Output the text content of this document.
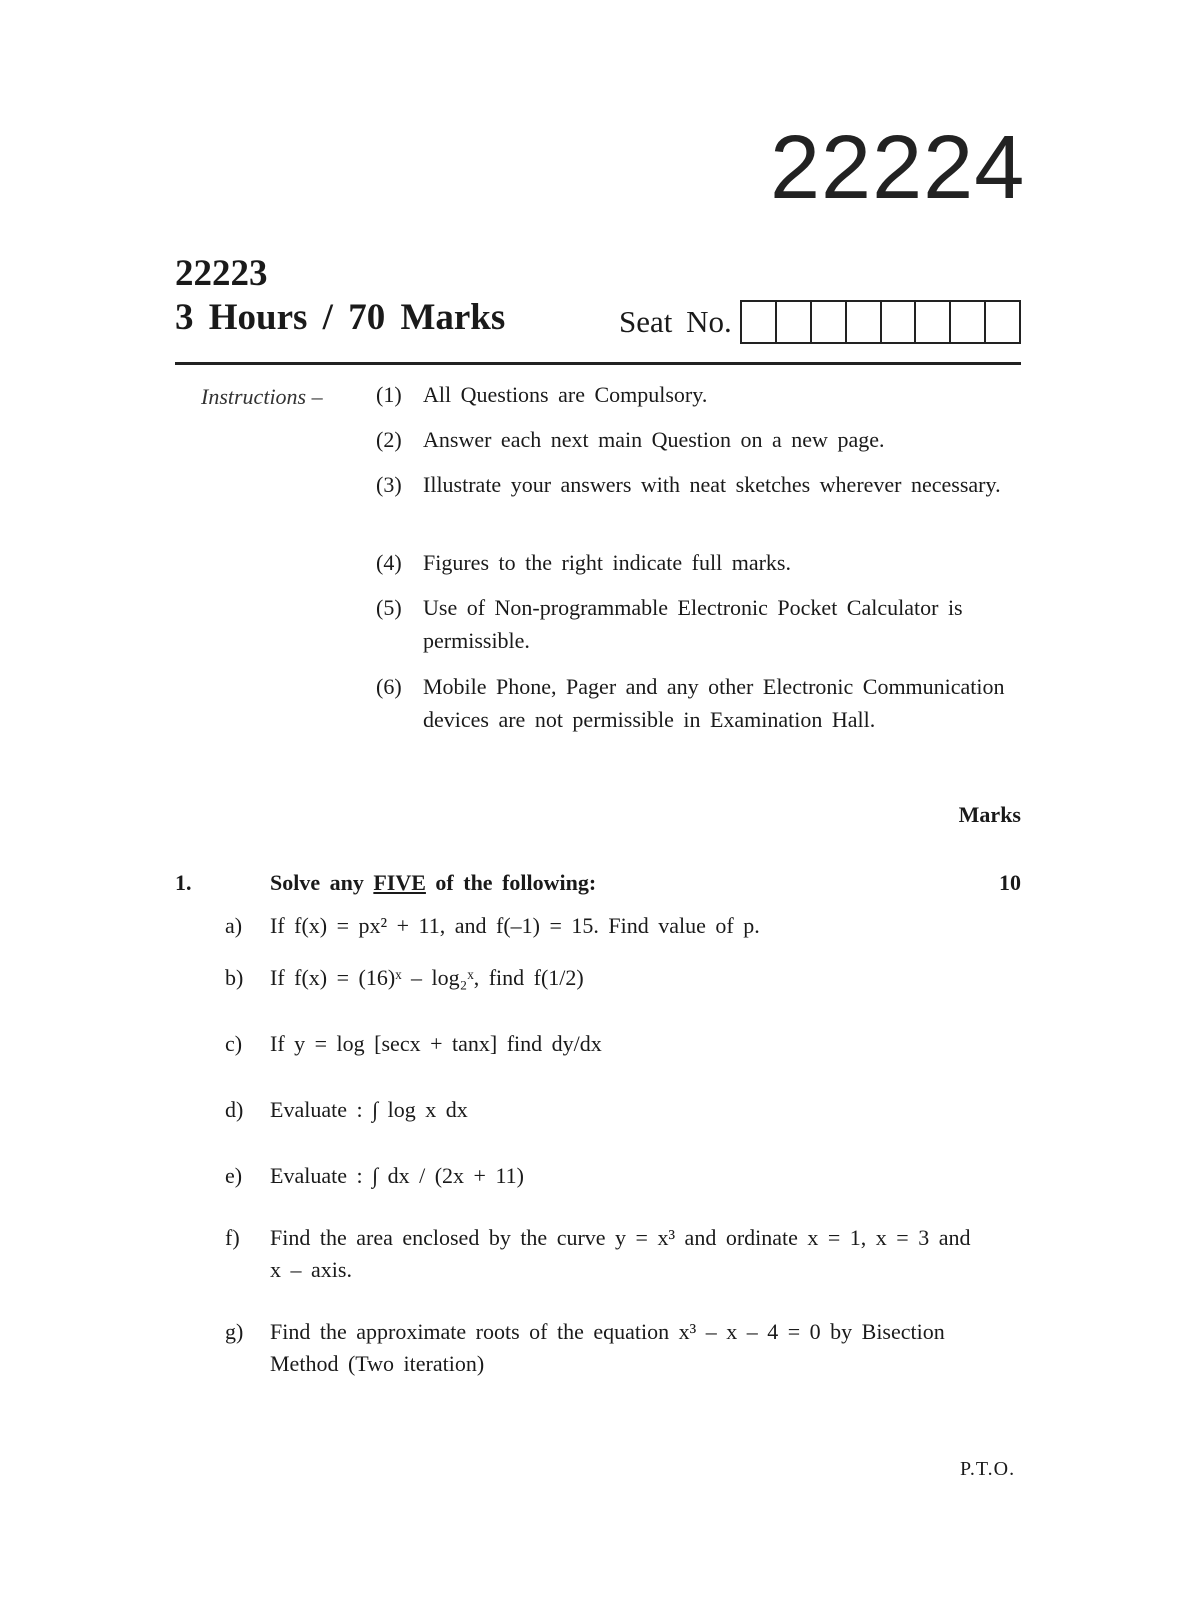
22224
22223
3 Hours / 70 Marks	Seat No.
Instructions – (1) All Questions are Compulsory.
(2) Answer each next main Question on a new page.
(3) Illustrate your answers with neat sketches wherever necessary.
(4) Figures to the right indicate full marks.
(5) Use of Non-programmable Electronic Pocket Calculator is permissible.
(6) Mobile Phone, Pager and any other Electronic Communication devices are not permissible in Examination Hall.
Marks
1.	Solve any FIVE of the following:	10
a) If f(x) = px² + 11, and f(–1) = 15. Find value of p.
b) If f(x) = (16)ˣ – log₂ˣ, find f(1/2)
c) If y = log [secx + tanx] find dy/dx
d) Evaluate : ∫ log x dx
e) Evaluate : ∫ dx / (2x + 11)
f) Find the area enclosed by the curve y = x³ and ordinate x = 1, x = 3 and x – axis.
g) Find the approximate roots of the equation x³ – x – 4 = 0 by Bisection Method (Two iteration)
P.T.O.
